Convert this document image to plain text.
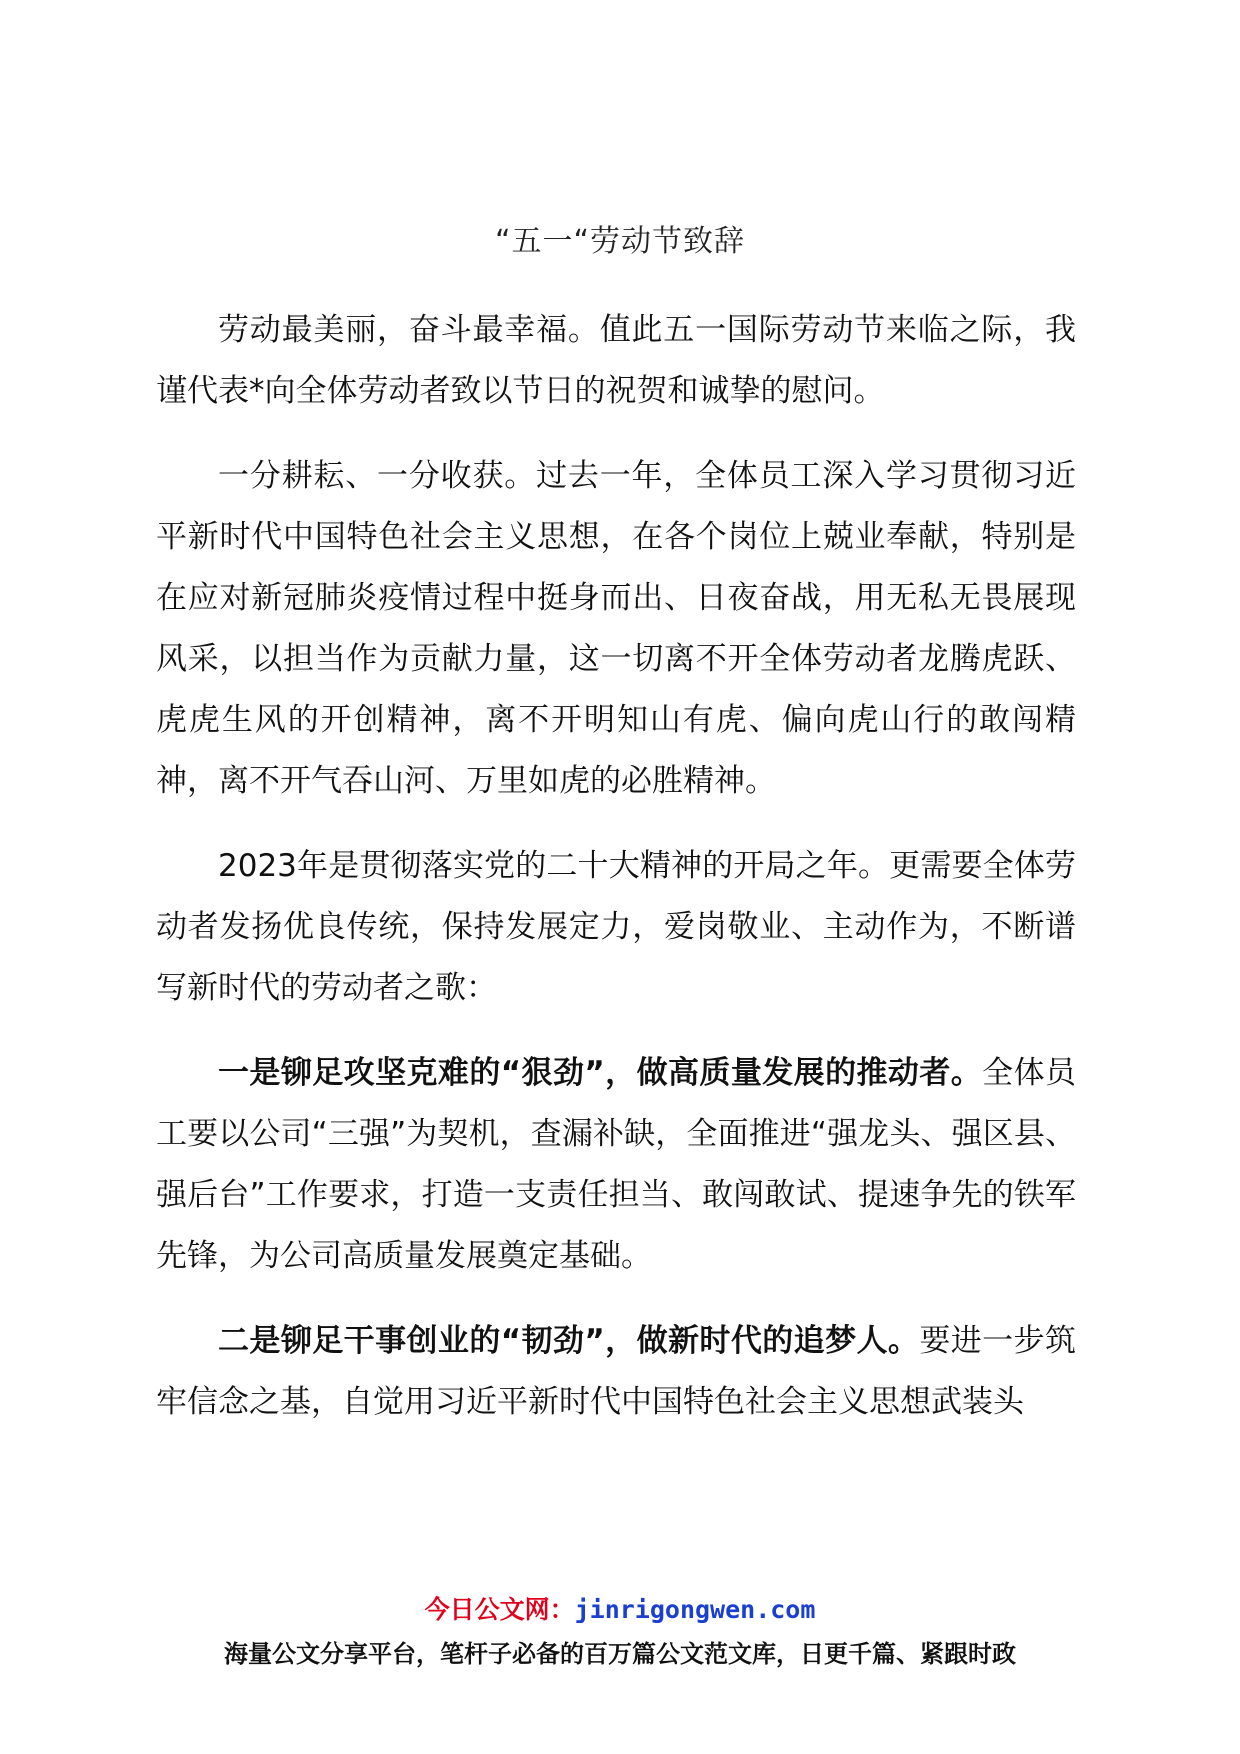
“五一“劳动节致辞

劳动最美丽，奋斗最幸福。值此五一国际劳动节来临之际，我谨代表*向全体劳动者致以节日的祝贺和诚挚的慰问。

一分耕耘、一分收获。过去一年，全体员工深入学习贯彻习近平新时代中国特色社会主义思想，在各个岗位上兢业奉献，特别是在应对新冠肺炎疫情过程中挺身而出、日夜奋战，用无私无畏展现风采，以担当作为贡献力量，这一切离不开全体劳动者龙腾虎跃、虎虎生风的开创精神，离不开明知山有虎、偏向虎山行的敢闯精神，离不开气吞山河、万里如虎的必胜精神。

2023年是贯彻落实党的二十大精神的开局之年。更需要全体劳动者发扬优良传统，保持发展定力，爱岗敬业、主动作为，不断谱写新时代的劳动者之歌：

一是铆足攻坚克难的“狠劲”，做高质量发展的推动者。全体员工要以公司“三强”为契机，查漏补缺，全面推进“强龙头、强区县、强后台”工作要求，打造一支责任担当、敢闯敢试、提速争先的铁军先锋，为公司高质量发展奠定基础。

二是铆足干事创业的“韧劲”，做新时代的追梦人。要进一步筑牢信念之基，自觉用习近平新时代中国特色社会主义思想武装头

今日公文网：jinrigongwen.com
海量公文分享平台，笔杆子必备的百万篇公文范文库，日更千篇、紧跟时政
